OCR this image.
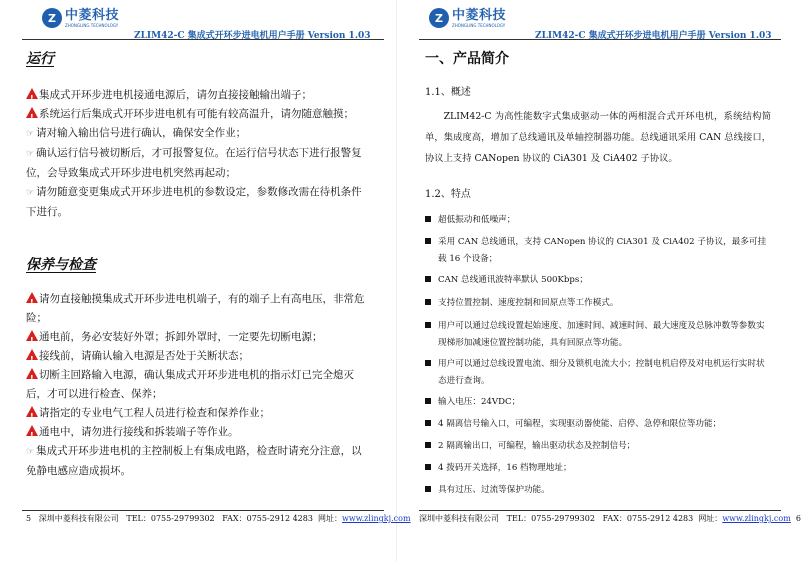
Z 中菱科技
ZHONGLING TECHNOLOGY
ZLIM42-C 集成式开环步进电机用户手册 Version 1.03
运行

!集成式开环步进电机接通电源后，请勿直接接触输出端子；

!系统运行后集成式开环步进电机有可能有较高温升，请勿随意触摸；

☞ 请对输入输出信号进行确认，确保安全作业；

☞ 确认运行信号被切断后，才可报警复位。在运行信号状态下进行报警复位，会导致集成式开环步进电机突然再起动；

☞ 请勿随意变更集成式开环步进电机的参数设定，参数修改需在待机条件下进行。

保养与检查

!请勿直接触摸集成式开环步进电机端子，有的端子上有高电压，非常危险；

!通电前，务必安装好外罩；拆卸外罩时，一定要先切断电源；

!接线前，请确认输入电源是否处于关断状态；

!切断主回路输入电源，确认集成式开环步进电机的指示灯已完全熄灭后，才可以进行检查、保养；

!请指定的专业电气工程人员进行检查和保养作业；

!通电中，请勿进行接线和拆装端子等作业。

☞ 集成式开环步进电机的主控制板上有集成电路，检查时请充分注意，以免静电感应造成损坏。

5 深圳中菱科技有限公司 TEL：0755-29799302 FAX：0755-2912 4283 网址：www.zlingkj.com
Z 中菱科技
ZHONGLING TECHNOLOGY
ZLIM42-C 集成式开环步进电机用户手册 Version 1.03
一、产品简介
1.1、概述

ZLIM42-C 为高性能数字式集成驱动一体的两相混合式开环电机，系统结构简单，集成度高，增加了总线通讯及单轴控制器功能。总线通讯采用 CAN 总线接口，协议上支持 CANopen 协议的 CiA301 及 CiA402 子协议。

1.2、特点
超低振动和低噪声；
采用 CAN 总线通讯，支持 CANopen 协议的 CiA301 及 CiA402 子协议，最多可挂载 16 个设备；
CAN 总线通讯波特率默认 500Kbps；
支持位置控制、速度控制和回原点等工作模式。
用户可以通过总线设置起始速度、加速时间、减速时间、最大速度及总脉冲数等参数实现梯形加减速位置控制功能，具有回原点等功能。
用户可以通过总线设置电流、细分及锁机电流大小；控制电机启停及对电机运行实时状态进行查询。
输入电压：24VDC；
4 隔离信号输入口，可编程，实现驱动器使能、启停、急停和限位等功能；
2 隔离输出口，可编程，输出驱动状态及控制信号；
4 拨码开关选择，16 档物理地址；
具有过压、过流等保护功能。
深圳中菱科技有限公司 TEL：0755-29799302 FAX：0755-2912 4283 网址：www.zlingkj.com 6
